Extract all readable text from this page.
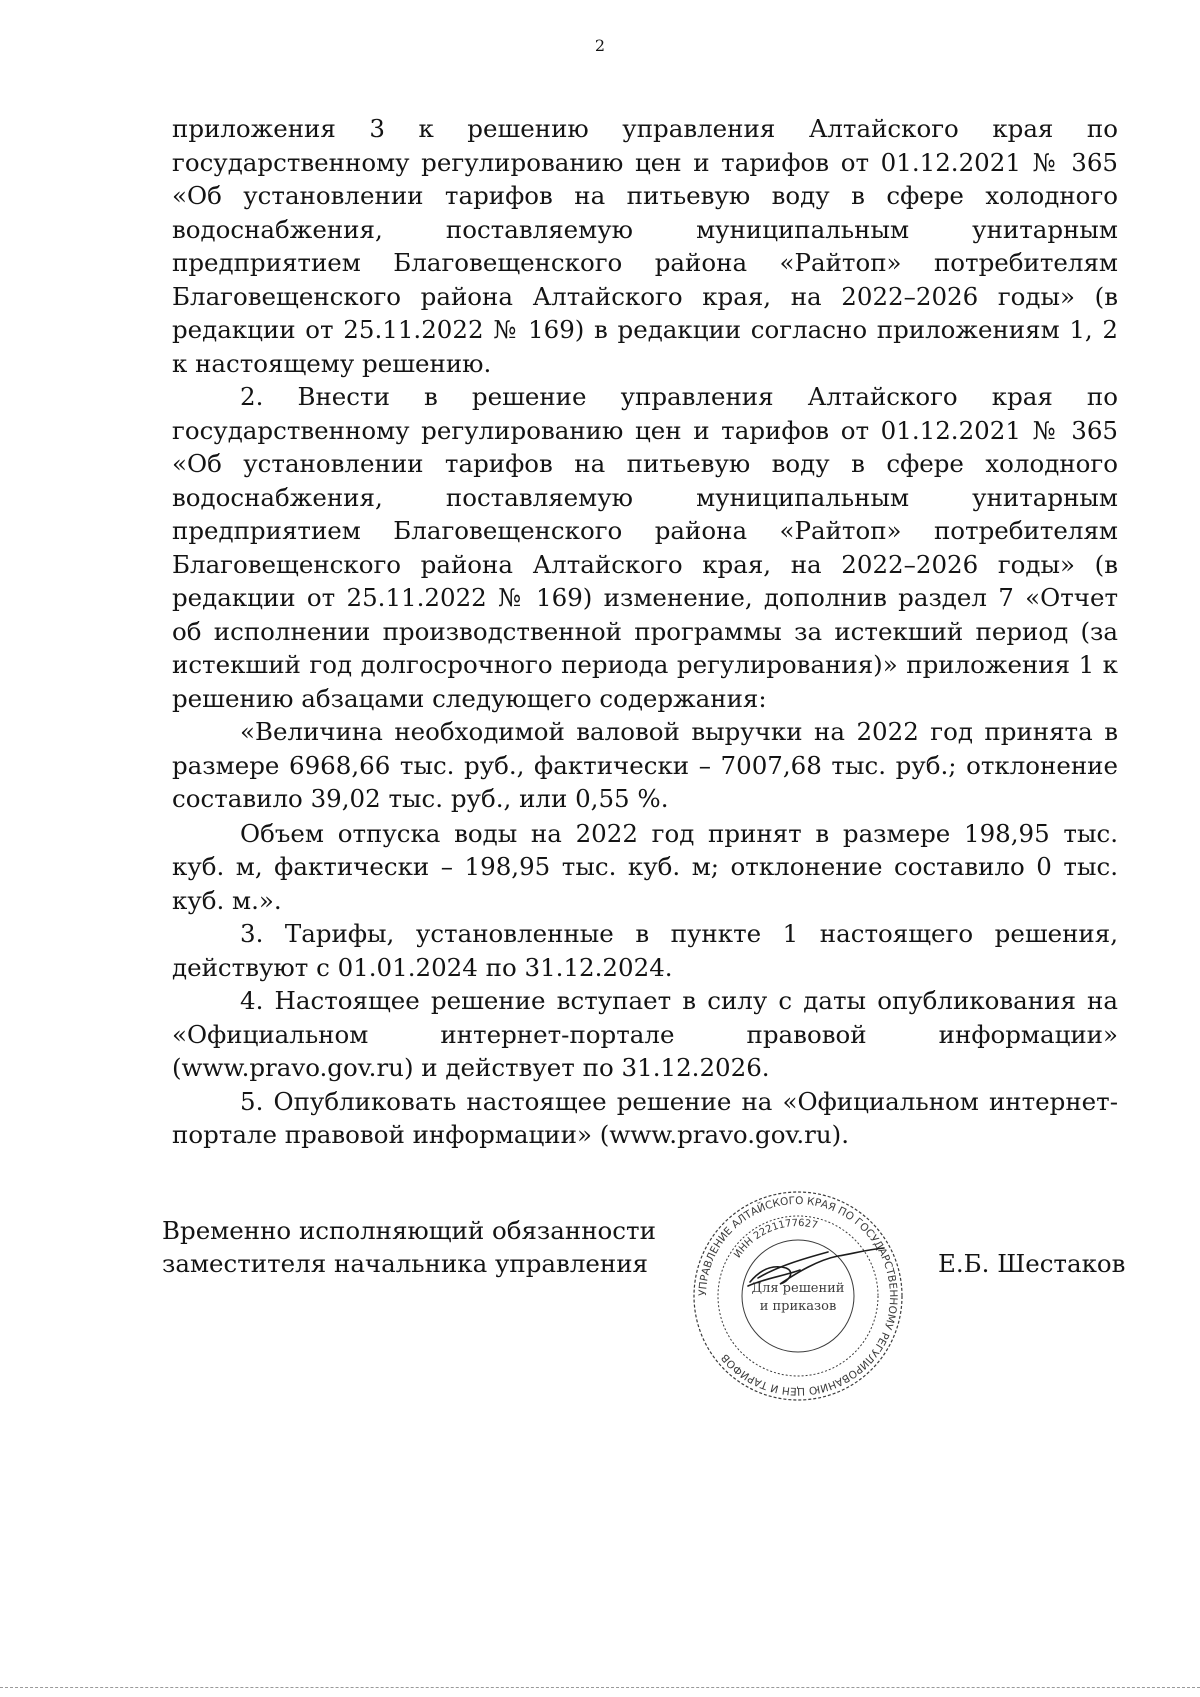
2

приложения 3 к решению управления Алтайского края по государственному регулированию цен и тарифов от 01.12.2021 № 365 «Об установлении тарифов на питьевую воду в сфере холодного водоснабжения, поставляемую муниципальным унитарным предприятием Благовещенского района «Райтоп» потребителям Благовещенского района Алтайского края, на 2022–2026 годы» (в редакции от 25.11.2022 № 169) в редакции согласно приложениям 1, 2 к настоящему решению.

2. Внести в решение управления Алтайского края по государственному регулированию цен и тарифов от 01.12.2021 № 365 «Об установлении тарифов на питьевую воду в сфере холодного водоснабжения, поставляемую муниципальным унитарным предприятием Благовещенского района «Райтоп» потребителям Благовещенского района Алтайского края, на 2022–2026 годы» (в редакции от 25.11.2022 № 169) изменение, дополнив раздел 7 «Отчет об исполнении производственной программы за истекший период (за истекший год долгосрочного периода регулирования)» приложения 1 к решению абзацами следующего содержания:

«Величина необходимой валовой выручки на 2022 год принята в размере 6968,66 тыс. руб., фактически – 7007,68 тыс. руб.; отклонение составило 39,02 тыс. руб., или 0,55 %.

Объем отпуска воды на 2022 год принят в размере 198,95 тыс. куб. м, фактически – 198,95 тыс. куб. м; отклонение составило 0 тыс. куб. м.».

3. Тарифы, установленные в пункте 1 настоящего решения, действуют с 01.01.2024 по 31.12.2024.

4. Настоящее решение вступает в силу с даты опубликования на «Официальном интернет-портале правовой информации» (www.pravo.gov.ru) и действует по 31.12.2026.

5. Опубликовать настоящее решение на «Официальном интернет-портале правовой информации» (www.pravo.gov.ru).

Временно исполняющий обязанности
заместителя начальника управления
УПРАВЛЕНИЕ АЛТАЙСКОГО КРАЯ ПО ГОСУДАРСТВЕННОМУ РЕГУЛИРОВАНИЮ ЦЕН И ТАРИФОВ
ИНН 2221177627
Для решений
и приказов
Е.Б. Шестаков
